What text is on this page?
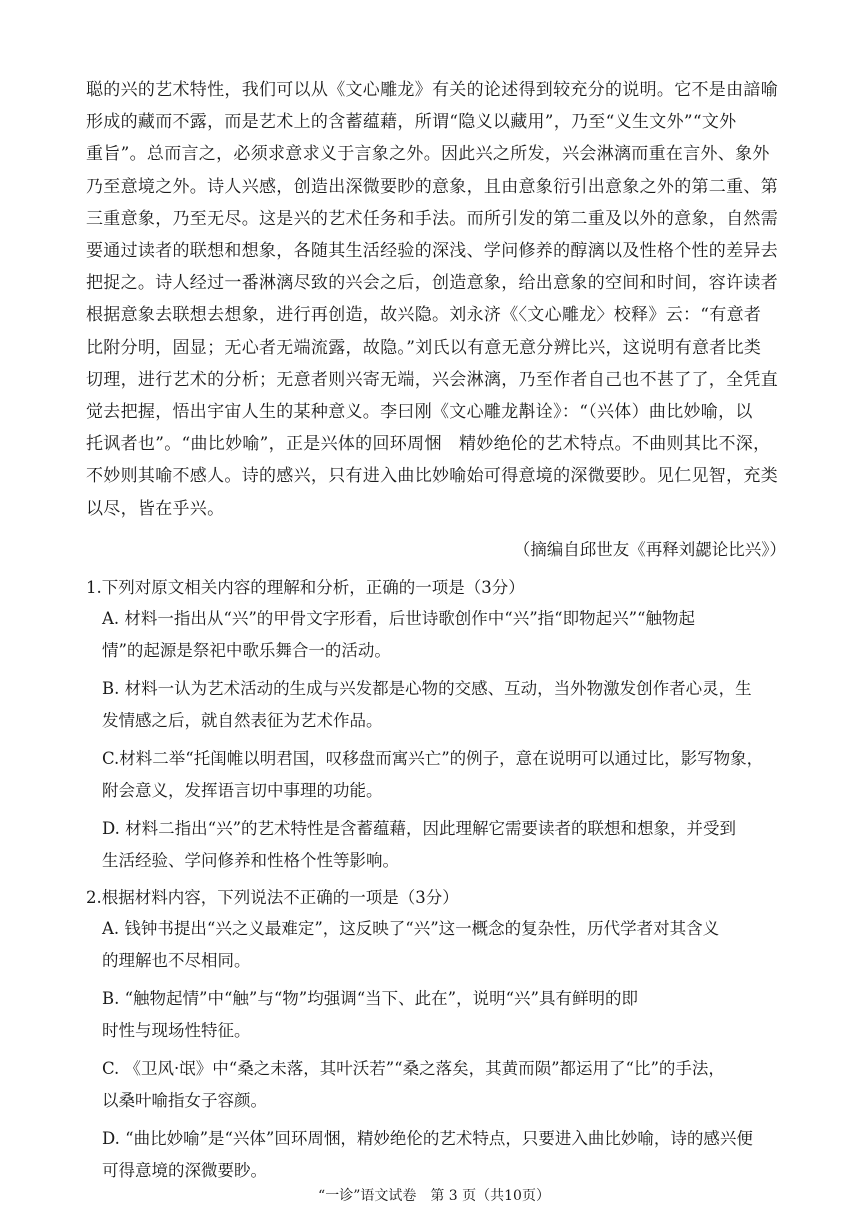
聪的兴的艺术特性，我们可以从《文心雕龙》有关的论述得到较充分的说明。它不是由諳喻

形成的藏而不露，而是艺术上的含蓄蕴藉，所谓“隐义以藏用”，乃至“义生文外”“文外

重旨”。总而言之，必须求意求义于言象之外。因此兴之所发，兴会淋漓而重在言外、象外

乃至意境之外。诗人兴感，创造出深微要眇的意象，且由意象衍引出意象之外的第二重、第

三重意象，乃至无尽。这是兴的艺术任务和手法。而所引发的第二重及以外的意象，自然需

要通过读者的联想和想象，各随其生活经验的深浅、学问修养的醇漓以及性格个性的差异去

把捉之。诗人经过一番淋漓尽致的兴会之后，创造意象，给出意象的空间和时间，容许读者

根据意象去联想去想象，进行再创造，故兴隐。刘永济《〈文心雕龙〉校释》云：“有意者

比附分明，固显；无心者无端流露，故隐。”刘氏以有意无意分辨比兴，这说明有意者比类

切理，进行艺术的分析；无意者则兴寄无端，兴会淋漓，乃至作者自己也不甚了了，全凭直

觉去把握，悟出宇宙人生的某种意义。李曰刚《文心雕龙斠诠》：“（兴体）曲比妙喻，以

托讽者也”。“曲比妙喻”，正是兴体的回环周悃　精妙绝伦的艺术特点。不曲则其比不深，

不妙则其喻不感人。诗的感兴，只有进入曲比妙喻始可得意境的深微要眇。见仁见智，充类

以尽，皆在乎兴。

（摘编自邱世友《再释刘勰论比兴》）

1.下列对原文相关内容的理解和分析，正确的一项是（3分）

A. 材料一指出从“兴”的甲骨文字形看，后世诗歌创作中“兴”指“即物起兴”“触物起
情”的起源是祭祀中歌乐舞合一的活动。
B. 材料一认为艺术活动的生成与兴发都是心物的交感、互动，当外物激发创作者心灵，生
发情感之后，就自然表征为艺术作品。
C.材料二举“托闺帷以明君国，叹移盘而寓兴亡”的例子，意在说明可以通过比，影写物象，
附会意义，发挥语言切中事理的功能。
D. 材料二指出“兴”的艺术特性是含蓄蕴藉，因此理解它需要读者的联想和想象，并受到
生活经验、学问修养和性格个性等影响。

2.根据材料内容，下列说法不正确的一项是（3分）

A. 钱钟书提出“兴之义最难定”，这反映了“兴”这一概念的复杂性，历代学者对其含义
的理解也不尽相同。
B. “触物起情”中“触”与“物”均强调“当下、此在”，说明“兴”具有鲜明的即
时性与现场性特征。
C. 《卫风·氓》中“桑之未落，其叶沃若”“桑之落矣，其黄而陨”都运用了“比”的手法，
以桑叶喻指女子容颜。
D. “曲比妙喻”是“兴体”回环周悃，精妙绝伦的艺术特点，只要进入曲比妙喻，诗的感兴便
可得意境的深微要眇。
“一诊”语文试卷　第 3 页（共10页）
